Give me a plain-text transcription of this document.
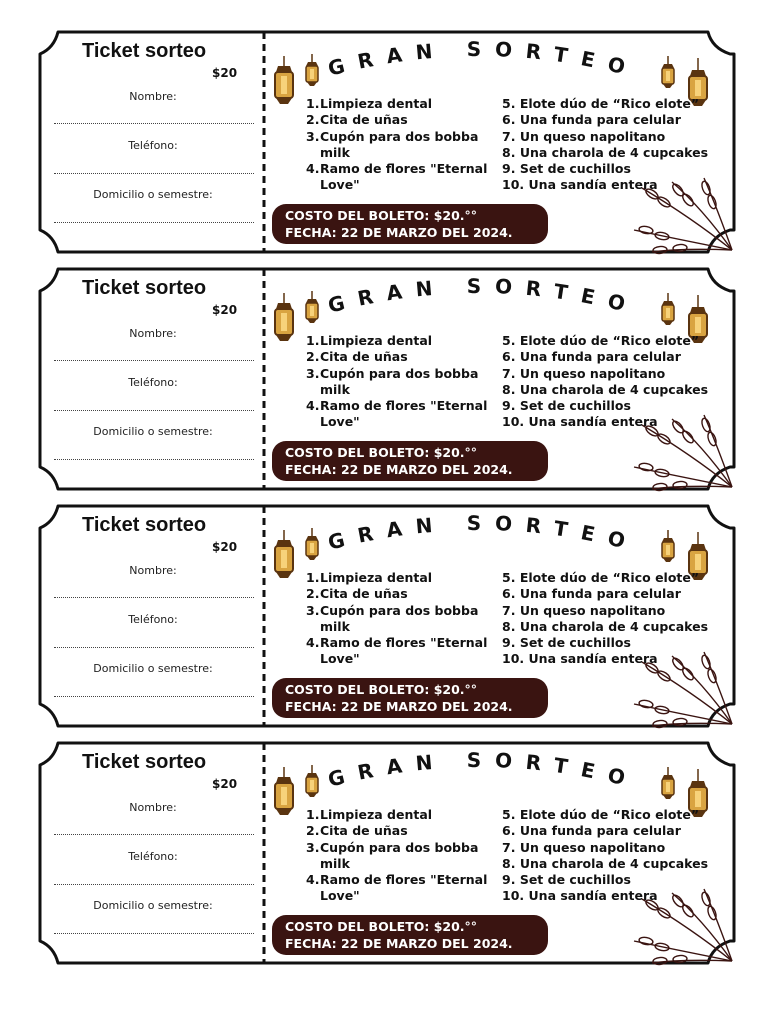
Ticket sorteo
$20
Nombre:
Teléfono:
Domicilio o semestre:
GRAN SORTEO
1. Limpieza dental
2. Cita de uñas
3. Cupón para dos bobba milk
4. Ramo de flores "Eternal Love"
5. Elote dúo de “Rico elote”
6. Una funda para celular
7. Un queso napolitano
8. Una charola de 4 cupcakes
9. Set de cuchillos
10. Una sandía entera
COSTO DEL BOLETO: $20.°°
FECHA: 22 DE MARZO DEL 2024.
Ticket sorteo
$20
Nombre:
Teléfono:
Domicilio o semestre:
GRAN SORTEO
1. Limpieza dental
2. Cita de uñas
3. Cupón para dos bobba milk
4. Ramo de flores "Eternal Love"
5. Elote dúo de “Rico elote”
6. Una funda para celular
7. Un queso napolitano
8. Una charola de 4 cupcakes
9. Set de cuchillos
10. Una sandía entera
COSTO DEL BOLETO: $20.°°
FECHA: 22 DE MARZO DEL 2024.
Ticket sorteo
$20
Nombre:
Teléfono:
Domicilio o semestre:
GRAN SORTEO
1. Limpieza dental
2. Cita de uñas
3. Cupón para dos bobba milk
4. Ramo de flores "Eternal Love"
5. Elote dúo de “Rico elote”
6. Una funda para celular
7. Un queso napolitano
8. Una charola de 4 cupcakes
9. Set de cuchillos
10. Una sandía entera
COSTO DEL BOLETO: $20.°°
FECHA: 22 DE MARZO DEL 2024.
Ticket sorteo
$20
Nombre:
Teléfono:
Domicilio o semestre:
GRAN SORTEO
1. Limpieza dental
2. Cita de uñas
3. Cupón para dos bobba milk
4. Ramo de flores "Eternal Love"
5. Elote dúo de “Rico elote”
6. Una funda para celular
7. Un queso napolitano
8. Una charola de 4 cupcakes
9. Set de cuchillos
10. Una sandía entera
COSTO DEL BOLETO: $20.°°
FECHA: 22 DE MARZO DEL 2024.
